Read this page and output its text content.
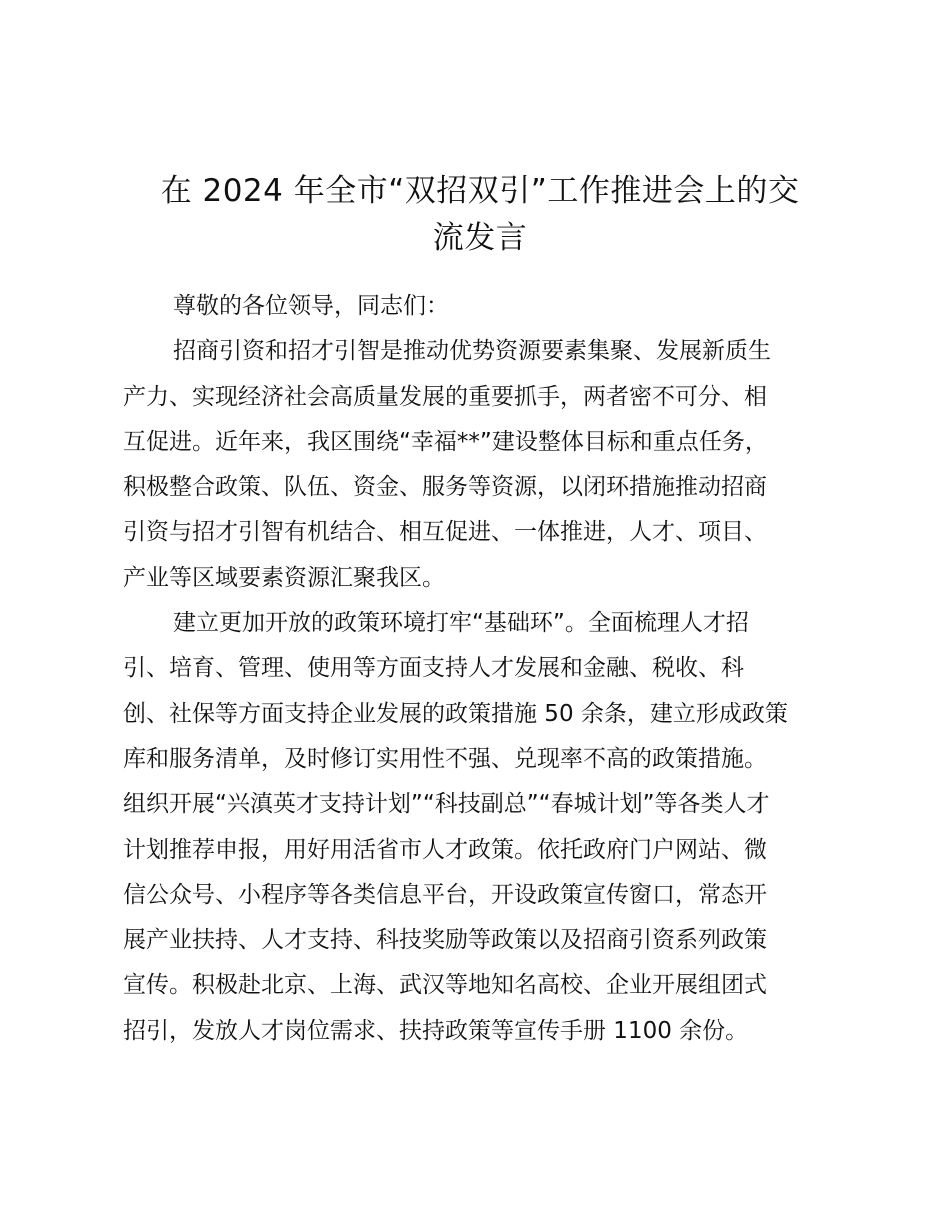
在 2024 年全市“双招双引”工作推进会上的交
流发言
尊敬的各位领导，同志们：
招商引资和招才引智是推动优势资源要素集聚、发展新质生
产力、实现经济社会高质量发展的重要抓手，两者密不可分、相
互促进。近年来，我区围绕“幸福**”建设整体目标和重点任务，
积极整合政策、队伍、资金、服务等资源，以闭环措施推动招商
引资与招才引智有机结合、相互促进、一体推进，人才、项目、
产业等区域要素资源汇聚我区。
建立更加开放的政策环境打牢“基础环”。全面梳理人才招
引、培育、管理、使用等方面支持人才发展和金融、税收、科
创、社保等方面支持企业发展的政策措施 50 余条，建立形成政策
库和服务清单，及时修订实用性不强、兑现率不高的政策措施。
组织开展“兴滇英才支持计划”“科技副总”“春城计划”等各类人才
计划推荐申报，用好用活省市人才政策。依托政府门户网站、微
信公众号、小程序等各类信息平台，开设政策宣传窗口，常态开
展产业扶持、人才支持、科技奖励等政策以及招商引资系列政策
宣传。积极赴北京、上海、武汉等地知名高校、企业开展组团式
招引，发放人才岗位需求、扶持政策等宣传手册 1100 余份。
